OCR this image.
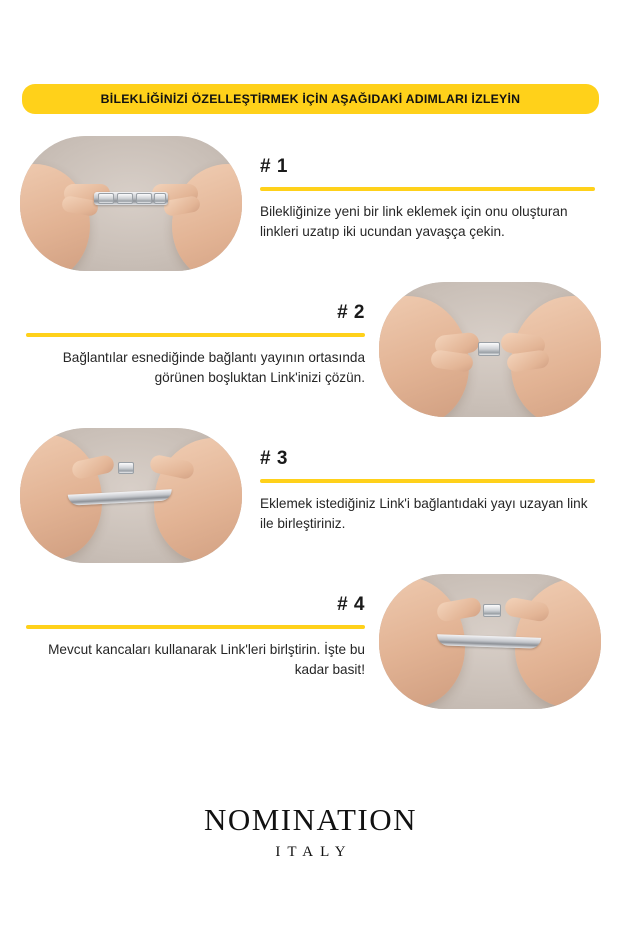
BİLEKLİĞİNİZİ ÖZELLEŞTİRMEK İÇİN AŞAĞIDAKİ ADIMLARI İZLEYİN
# 1
Bilekliğinize yeni bir link eklemek için onu oluşturan linkleri uzatıp iki ucundan yavaşça çekin.
# 2
Bağlantılar esnediğinde bağlantı yayının ortasında görünen boşluktan Link'inizi çözün.
# 3
Eklemek istediğiniz Link'i bağlantıdaki yayı uzayan link ile birleştiriniz.
# 4
Mevcut kancaları kullanarak Link'leri birlştirin. İşte bu kadar basit!
NOMINATION
ITALY
